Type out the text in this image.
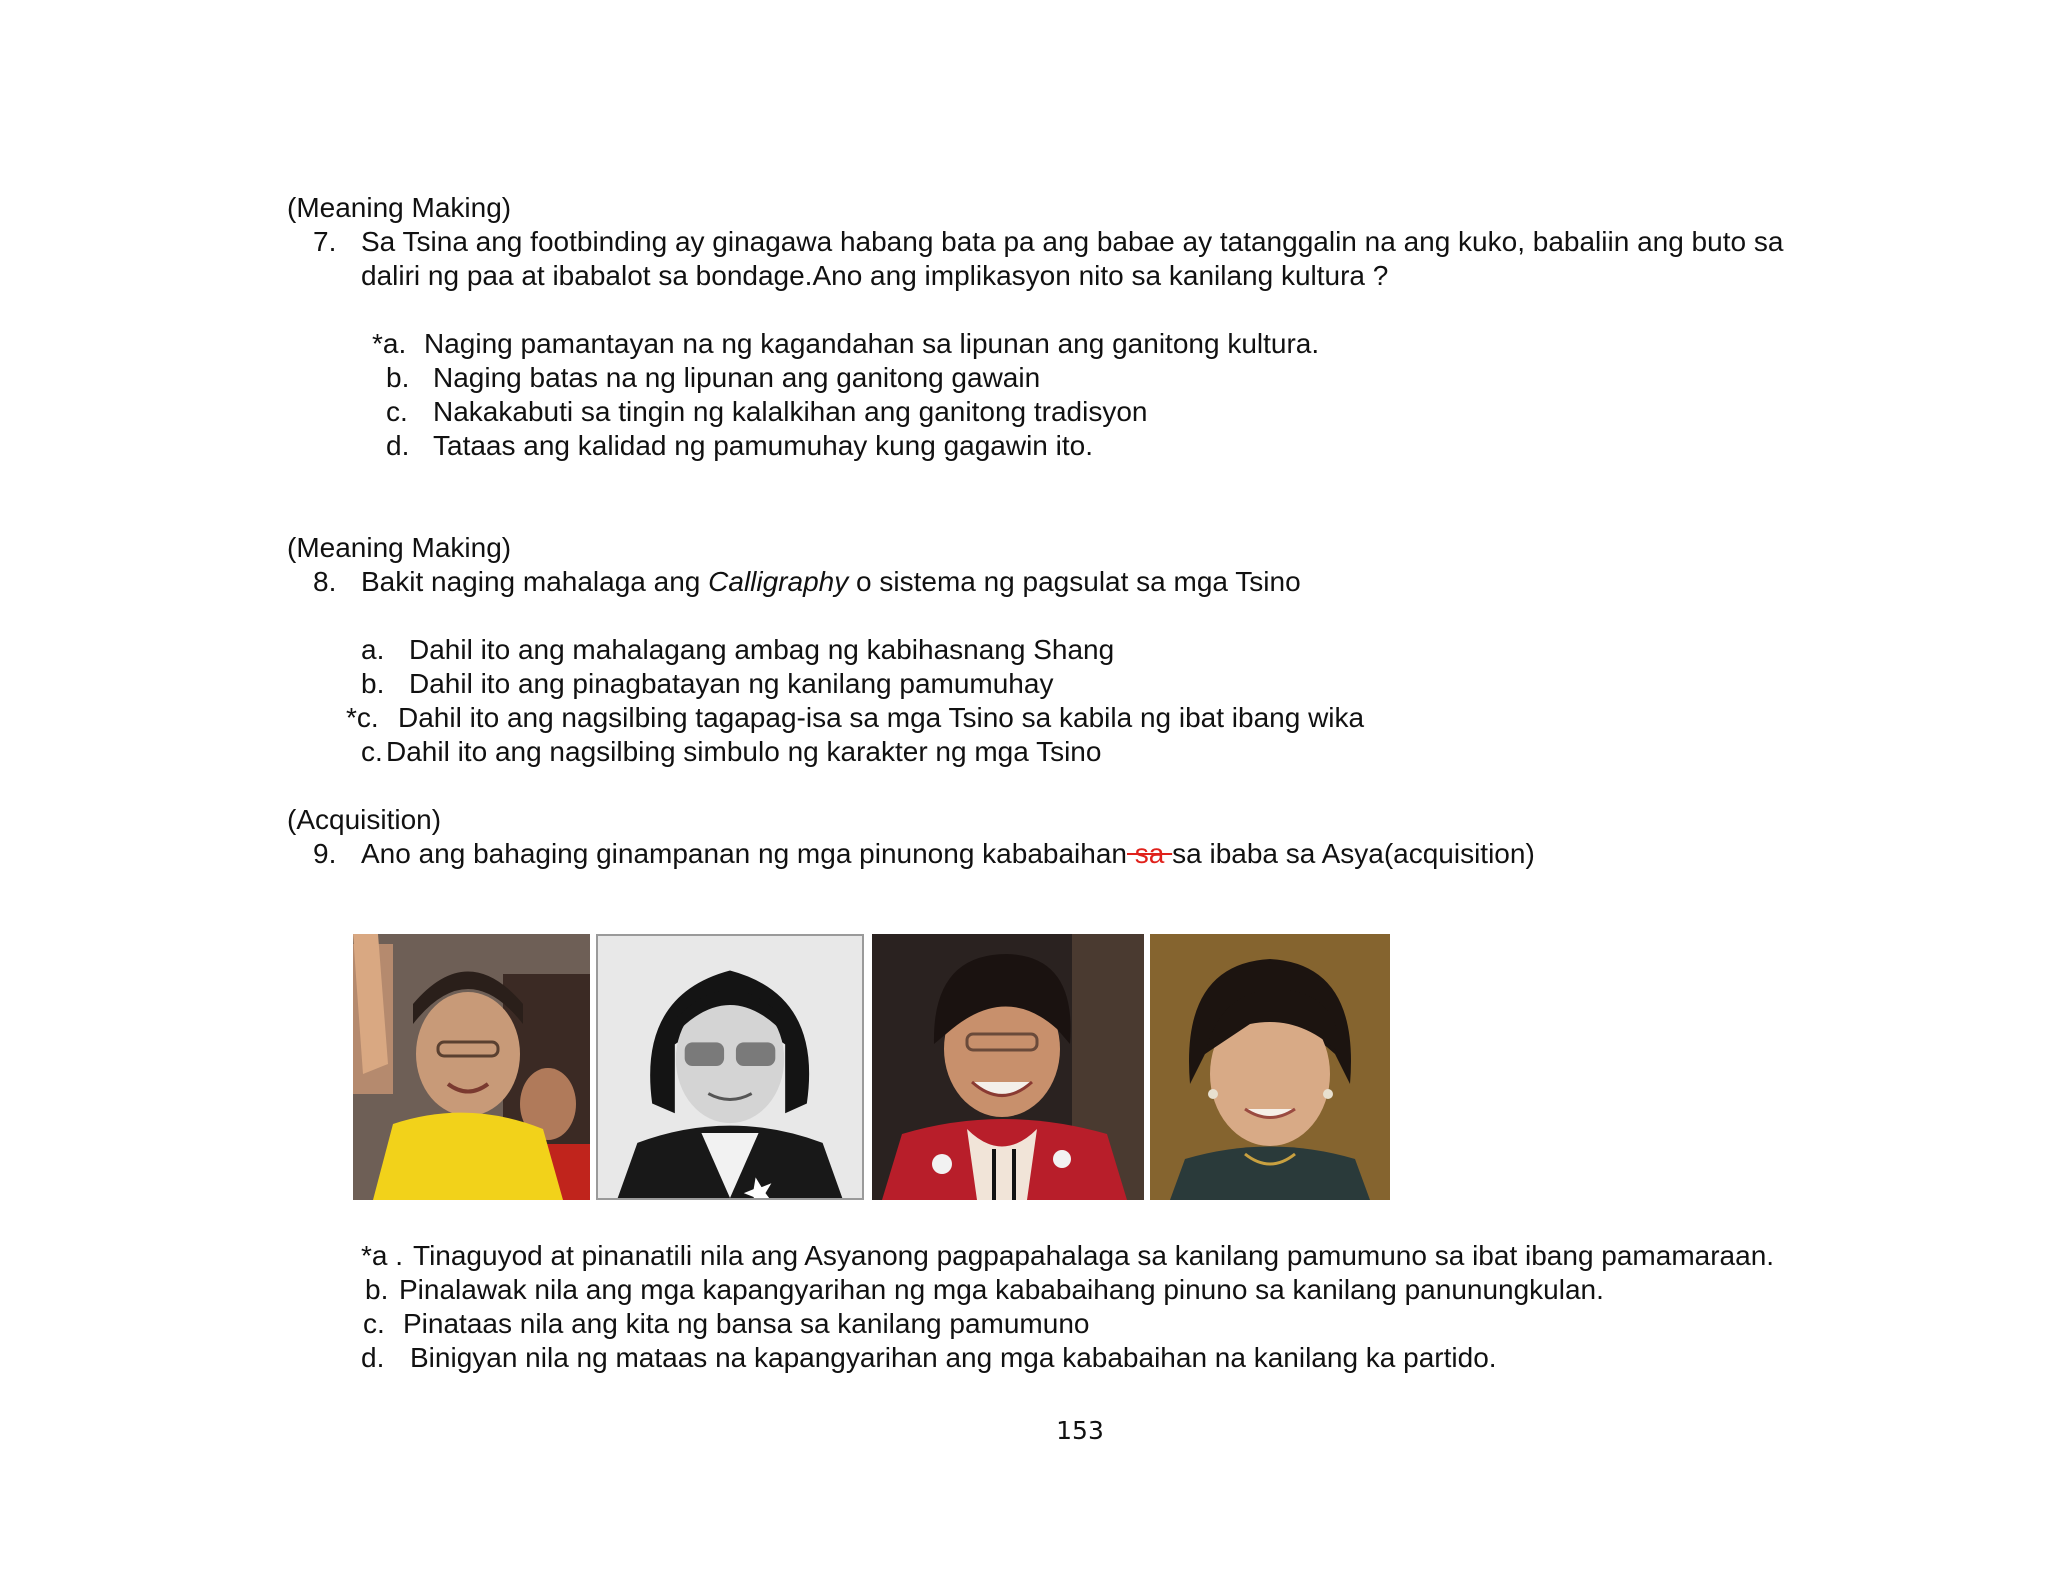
(Meaning Making)
7. Sa Tsina ang footbinding ay ginagawa habang bata pa ang babae ay tatanggalin na ang kuko, babaliin ang buto sa
daliri ng paa at ibabalot sa bondage.Ano ang implikasyon nito sa kanilang kultura ?
*a. Naging pamantayan na ng kagandahan sa lipunan ang ganitong kultura.
b. Naging batas na ng lipunan ang ganitong gawain
c. Nakakabuti sa tingin ng kalalkihan ang ganitong tradisyon
d. Tataas ang kalidad ng pamumuhay kung gagawin ito.
(Meaning Making)
8. Bakit naging mahalaga ang Calligraphy o sistema ng pagsulat sa mga Tsino
a. Dahil ito ang mahalagang ambag ng kabihasnang Shang
b. Dahil ito ang pinagbatayan ng kanilang pamumuhay
*c. Dahil ito ang nagsilbing tagapag-isa sa mga Tsino sa kabila ng ibat ibang wika
c. Dahil ito ang nagsilbing simbulo ng karakter ng mga Tsino
(Acquisition)
9. Ano ang bahaging ginampanan ng mga pinunong kababaihan sa sa ibaba sa Asya(acquisition)
*a . Tinaguyod at pinanatili nila ang Asyanong pagpapahalaga sa kanilang pamumuno sa ibat ibang pamamaraan.
b. Pinalawak nila ang mga kapangyarihan ng mga kababaihang pinuno sa kanilang panunungkulan.
c. Pinataas nila ang kita ng bansa sa kanilang pamumuno
d. Binigyan nila ng mataas na kapangyarihan ang mga kababaihan na kanilang ka partido.
153
